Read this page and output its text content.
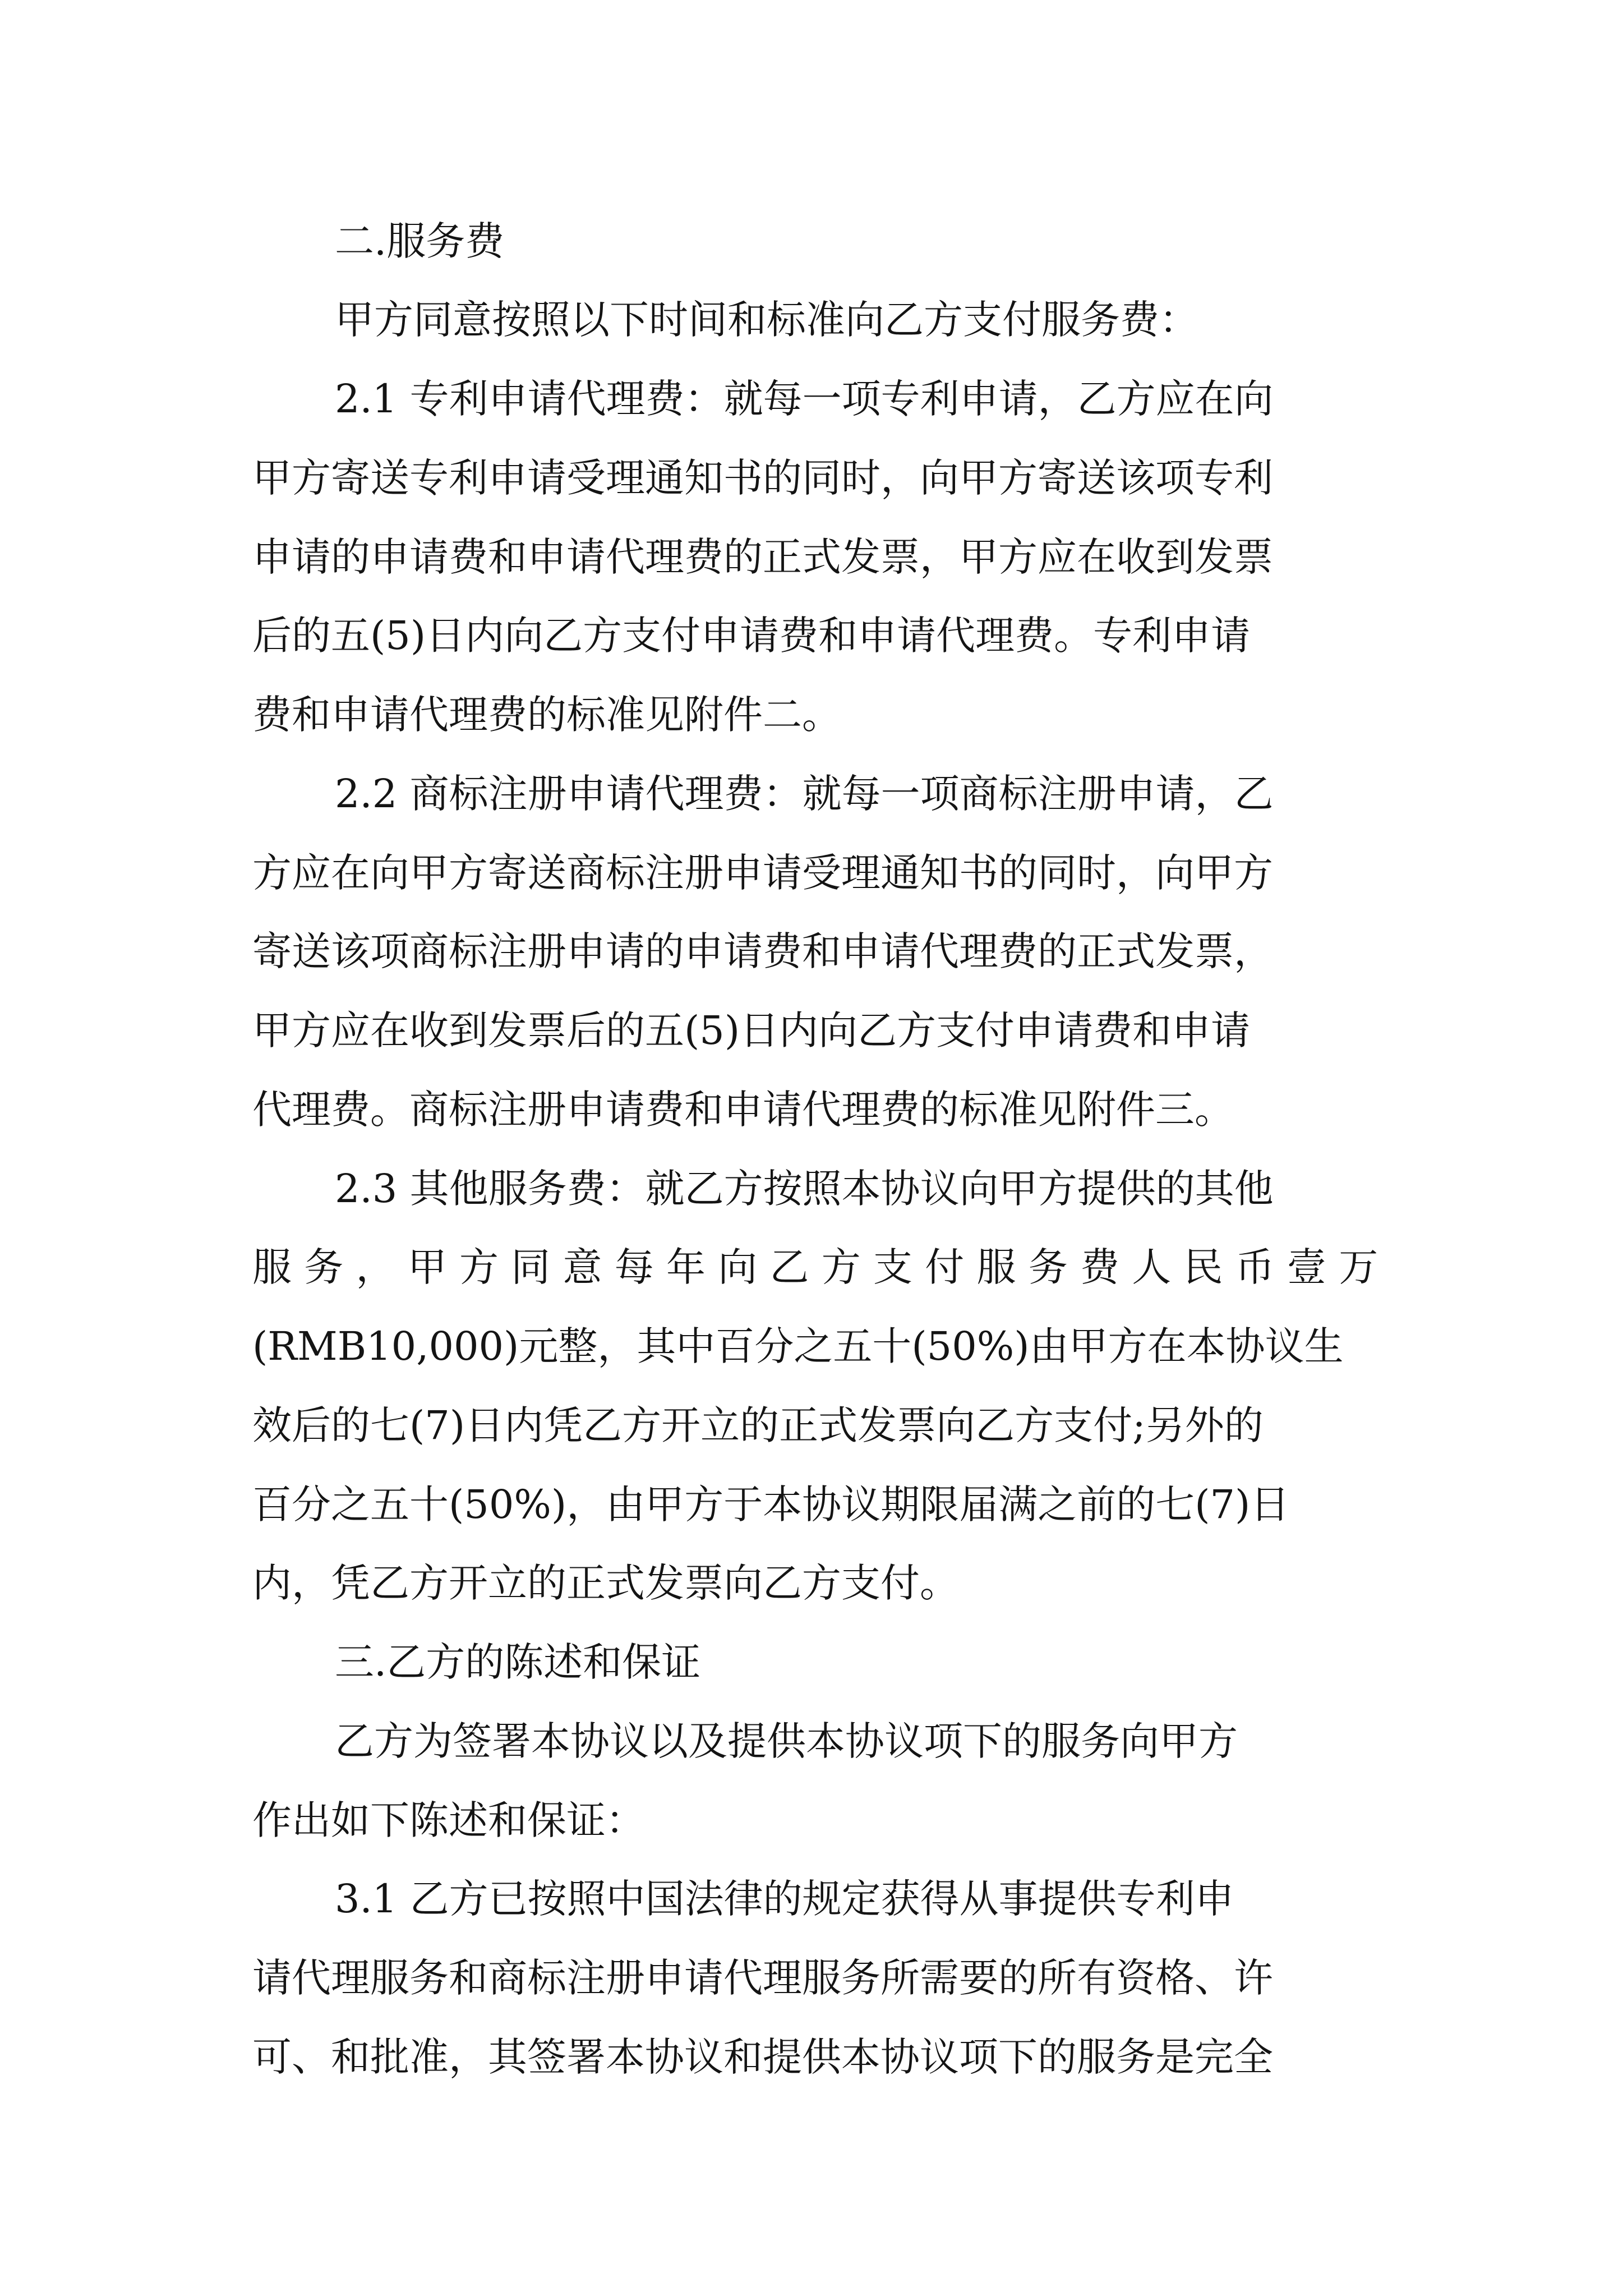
二.服务费
甲方同意按照以下时间和标准向乙方支付服务费：
2.1 专利申请代理费：就每一项专利申请，乙方应在向
甲方寄送专利申请受理通知书的同时，向甲方寄送该项专利
申请的申请费和申请代理费的正式发票，甲方应在收到发票
后的五(5)日内向乙方支付申请费和申请代理费。专利申请
费和申请代理费的标准见附件二。
2.2 商标注册申请代理费：就每一项商标注册申请，乙
方应在向甲方寄送商标注册申请受理通知书的同时，向甲方
寄送该项商标注册申请的申请费和申请代理费的正式发票，
甲方应在收到发票后的五(5)日内向乙方支付申请费和申请
代理费。商标注册申请费和申请代理费的标准见附件三。
2.3 其他服务费：就乙方按照本协议向甲方提供的其他
服 务 ， 甲 方 同 意 每 年 向 乙 方 支 付 服 务 费 人 民 币 壹 万
(RMB10,000)元整，其中百分之五十(50%)由甲方在本协议生
效后的七(7)日内凭乙方开立的正式发票向乙方支付;另外的
百分之五十(50%)，由甲方于本协议期限届满之前的七(7)日
内，凭乙方开立的正式发票向乙方支付。
三.乙方的陈述和保证
乙方为签署本协议以及提供本协议项下的服务向甲方
作出如下陈述和保证：
3.1 乙方已按照中国法律的规定获得从事提供专利申
请代理服务和商标注册申请代理服务所需要的所有资格、许
可、和批准，其签署本协议和提供本协议项下的服务是完全
